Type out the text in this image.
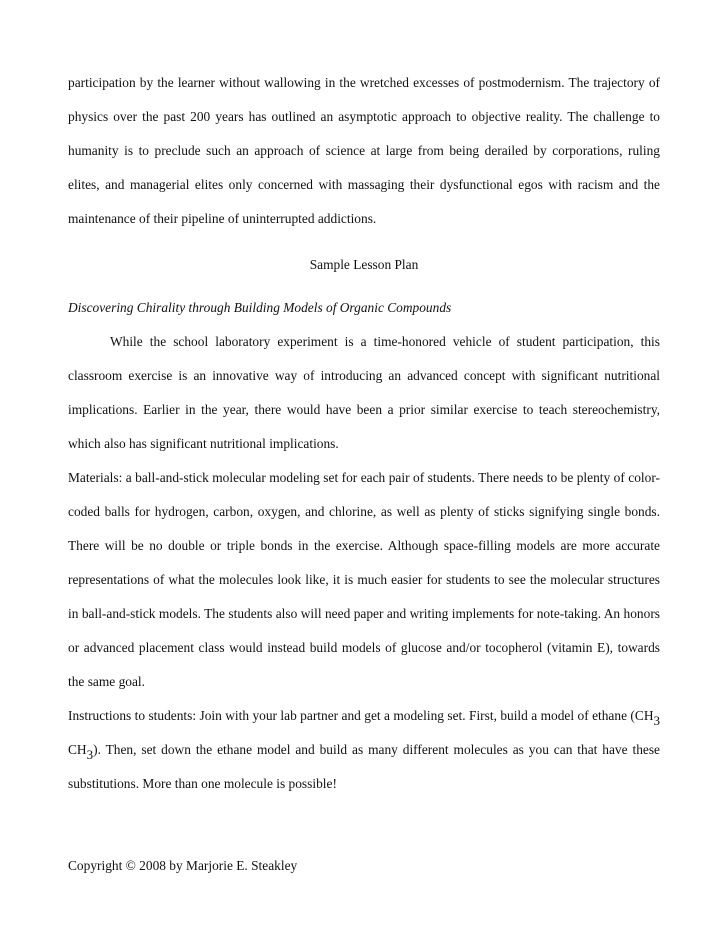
participation by the learner without wallowing in the wretched excesses of postmodernism. The trajectory of physics over the past 200 years has outlined an asymptotic approach to objective reality. The challenge to humanity is to preclude such an approach of science at large from being derailed by corporations, ruling elites, and managerial elites only concerned with massaging their dysfunctional egos with racism and the maintenance of their pipeline of uninterrupted addictions.

Sample Lesson Plan

Discovering Chirality through Building Models of Organic Compounds

While the school laboratory experiment is a time-honored vehicle of student participation, this classroom exercise is an innovative way of introducing an advanced concept with significant nutritional implications. Earlier in the year, there would have been a prior similar exercise to teach stereochemistry, which also has significant nutritional implications.

Materials: a ball-and-stick molecular modeling set for each pair of students. There needs to be plenty of color-coded balls for hydrogen, carbon, oxygen, and chlorine, as well as plenty of sticks signifying single bonds. There will be no double or triple bonds in the exercise. Although space-filling models are more accurate representations of what the molecules look like, it is much easier for students to see the molecular structures in ball-and-stick models. The students also will need paper and writing implements for note-taking. An honors or advanced placement class would instead build models of glucose and/or tocopherol (vitamin E), towards the same goal.

Instructions to students: Join with your lab partner and get a modeling set. First, build a model of ethane (CH3 CH3). Then, set down the ethane model and build as many different molecules as you can that have these substitutions. More than one molecule is possible!

Copyright © 2008 by Marjorie E. Steakley
